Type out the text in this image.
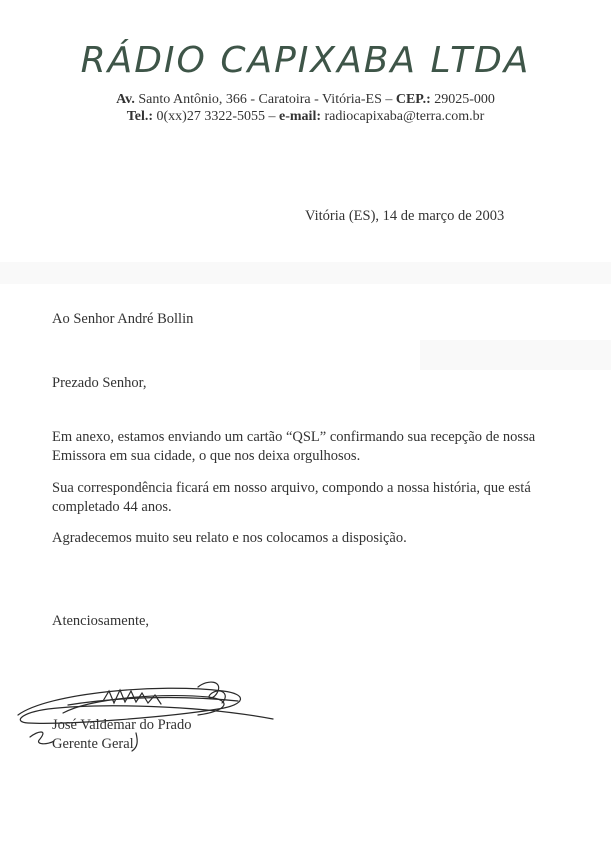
RÁDIO CAPIXABA LTDA
Av. Santo Antônio, 366 - Caratoira - Vitória-ES – CEP.: 29025-000
Tel.: 0(xx)27 3322-5055 – e-mail: radiocapixaba@terra.com.br
Vitória (ES), 14 de março de 2003

Ao Senhor André Bollin

Prezado Senhor,

Em anexo, estamos enviando um cartão “QSL” confirmando sua recepção de nossa Emissora em sua cidade, o que nos deixa orgulhosos.

Sua correspondência ficará em nosso arquivo, compondo a nossa história, que está completado 44 anos.

Agradecemos muito seu relato e nos colocamos a disposição.

Atenciosamente,

José Valdemar do Prado

Gerente Geral
